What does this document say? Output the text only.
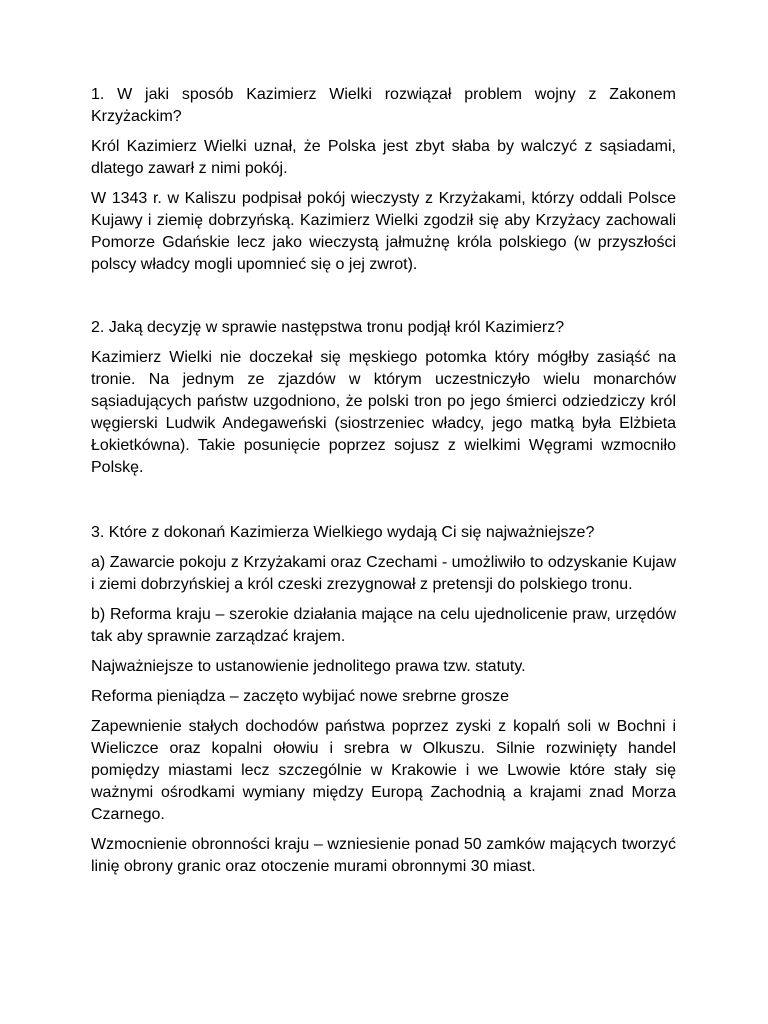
1. W jaki sposób Kazimierz Wielki rozwiązał problem wojny z Zakonem Krzyżackim?

Król Kazimierz Wielki uznał, że Polska jest zbyt słaba by walczyć z sąsiadami, dlatego zawarł z nimi pokój.

W 1343 r. w Kaliszu podpisał pokój wieczysty z Krzyżakami, którzy oddali Polsce Kujawy i ziemię dobrzyńską. Kazimierz Wielki zgodził się aby Krzyżacy zachowali Pomorze Gdańskie lecz jako wieczystą jałmużnę króla polskiego (w przyszłości polscy władcy mogli upomnieć się o jej zwrot).

2. Jaką decyzję w sprawie następstwa tronu podjął król Kazimierz?

Kazimierz Wielki nie doczekał się męskiego potomka który mógłby zasiąść na tronie. Na jednym ze zjazdów w którym uczestniczyło wielu monarchów sąsiadujących państw uzgodniono, że polski tron po jego śmierci odziedziczy król węgierski Ludwik Andegaweński (siostrzeniec władcy, jego matką była Elżbieta Łokietkówna). Takie posunięcie poprzez sojusz z wielkimi Węgrami wzmocniło Polskę.

3. Które z dokonań Kazimierza Wielkiego wydają Ci się najważniejsze?

a) Zawarcie pokoju z Krzyżakami oraz Czechami - umożliwiło to odzyskanie Kujaw i ziemi dobrzyńskiej a król czeski zrezygnował z pretensji do polskiego tronu.

b) Reforma kraju – szerokie działania mające na celu ujednolicenie praw, urzędów tak aby sprawnie zarządzać krajem.

Najważniejsze to ustanowienie jednolitego prawa tzw. statuty.

Reforma pieniądza – zaczęto wybijać nowe srebrne grosze

Zapewnienie stałych dochodów państwa poprzez zyski z kopalń soli w Bochni i Wieliczce oraz kopalni ołowiu i srebra w Olkuszu. Silnie rozwinięty handel pomiędzy miastami lecz szczególnie w Krakowie i we Lwowie które stały się ważnymi ośrodkami wymiany między Europą Zachodnią a krajami znad Morza Czarnego.

Wzmocnienie obronności kraju – wzniesienie ponad 50 zamków mających tworzyć linię obrony granic oraz otoczenie murami obronnymi 30 miast.
